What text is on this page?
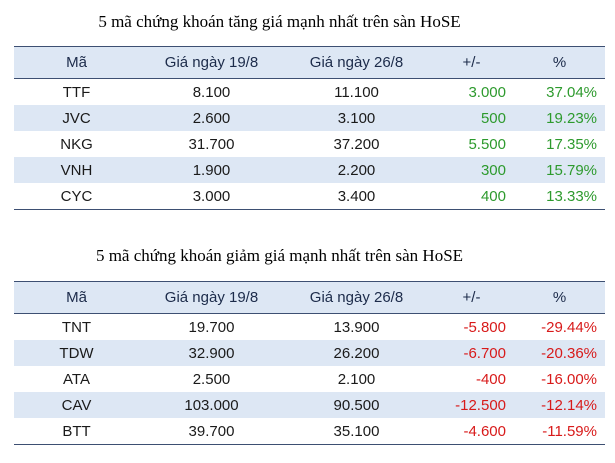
5 mã chứng khoán tăng giá mạnh nhất trên sàn HoSE
Mã	Giá ngày 19/8	Giá ngày 26/8	+/-	%
TTF	8.100	11.100	3.000	37.04%
JVC	2.600	3.100	500	19.23%
NKG	31.700	37.200	5.500	17.35%
VNH	1.900	2.200	300	15.79%
CYC	3.000	3.400	400	13.33%
5 mã chứng khoán giảm giá mạnh nhất trên sàn HoSE
Mã	Giá ngày 19/8	Giá ngày 26/8	+/-	%
TNT	19.700	13.900	-5.800	-29.44%
TDW	32.900	26.200	-6.700	-20.36%
ATA	2.500	2.100	-400	-16.00%
CAV	103.000	90.500	-12.500	-12.14%
BTT	39.700	35.100	-4.600	-11.59%
